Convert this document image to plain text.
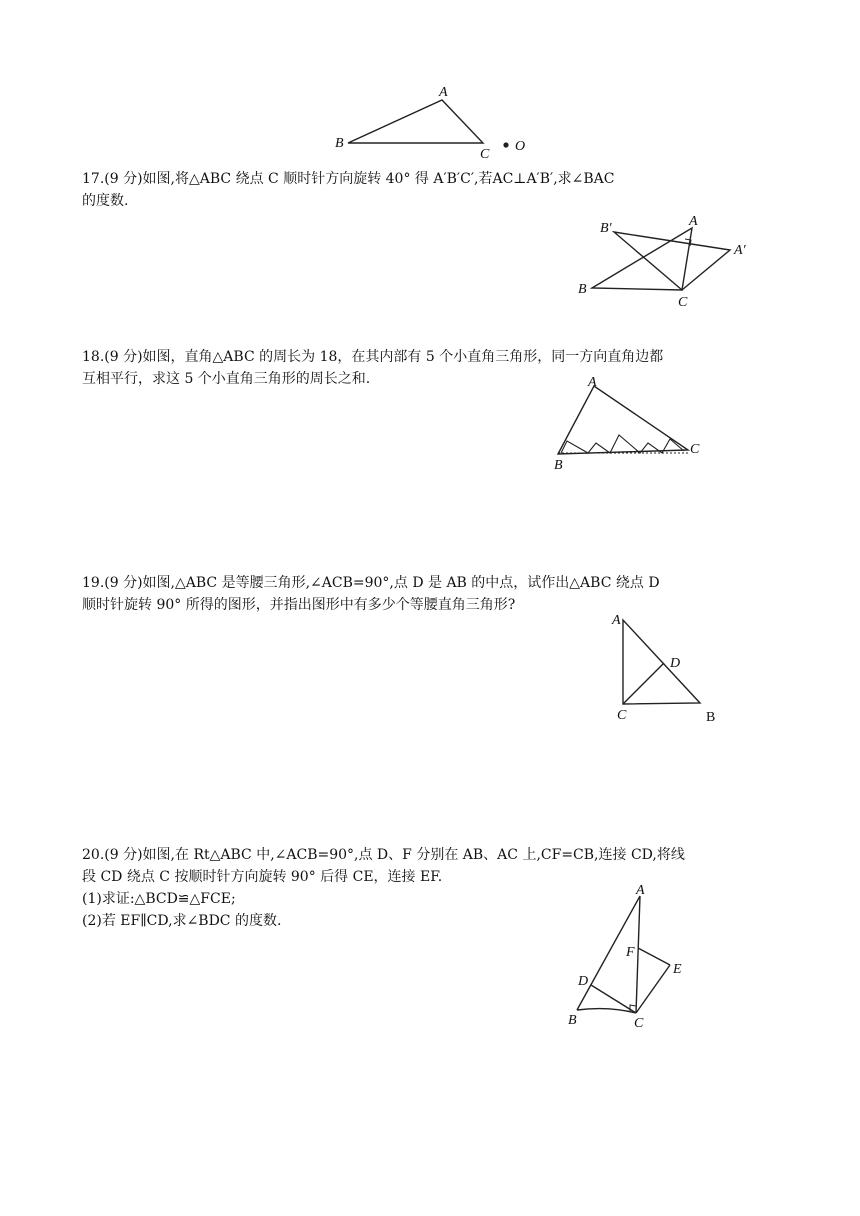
A
B
C
O

17.(9 分)如图,将△ABC 绕点 C 顺时针方向旋转 40° 得 A′B′C′,若AC⊥A′B′,求∠BAC

的度数.

B′	A
A′
B
C

18.(9 分)如图，直角△ABC 的周长为 18，在其内部有 5 个小直角三角形，同一方向直角边都

互相平行，求这 5 个小直角三角形的周长之和.	A
B
C

19.(9 分)如图,△ABC 是等腰三角形,∠ACB=90°,点 D 是 AB 的中点，试作出△ABC 绕点 D

顺时针旋转 90° 所得的图形，并指出图形中有多少个等腰直角三角形?

A
D
C	B

20.(9 分)如图,在 Rt△ABC 中,∠ACB=90°,点 D、F 分别在 AB、AC 上,CF=CB,连接 CD,将线

段 CD 绕点 C 按顺时针方向旋转 90° 后得 CE，连接 EF.

(1)求证:△BCD≌△FCE;

(2)若 EF∥CD,求∠BDC 的度数.

A
F
E
D
B	C
